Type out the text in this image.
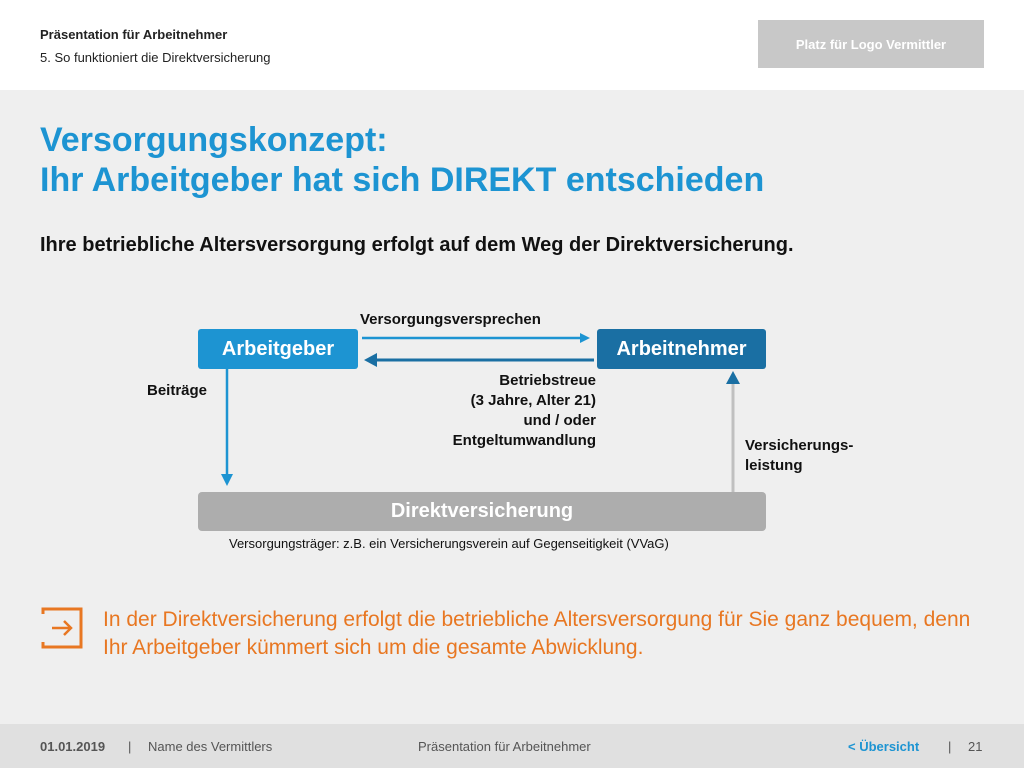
Präsentation für Arbeitnehmer
5. So funktioniert die Direktversicherung
Platz für Logo Vermittler
Versorgungskonzept:
Ihr Arbeitgeber hat sich DIREKT entschieden
Ihre betriebliche Altersversorgung erfolgt auf dem Weg der Direktversicherung.
Arbeitgeber	Arbeitnehmer
Direktversicherung
Versorgungsversprechen
Beiträge
Betriebstreue
(3 Jahre, Alter 21)
und / oder
Entgeltumwandlung	Versicherungs-
leistung
Versorgungsträger: z.B. ein Versicherungsverein auf Gegenseitigkeit (VVaG)
In der Direktversicherung erfolgt die betriebliche Altersversorgung für Sie ganz bequem, denn Ihr Arbeitgeber kümmert sich um die gesamte Abwicklung.
01.01.2019 | Name des Vermittlers	Präsentation für Arbeitnehmer	< Übersicht | 21
